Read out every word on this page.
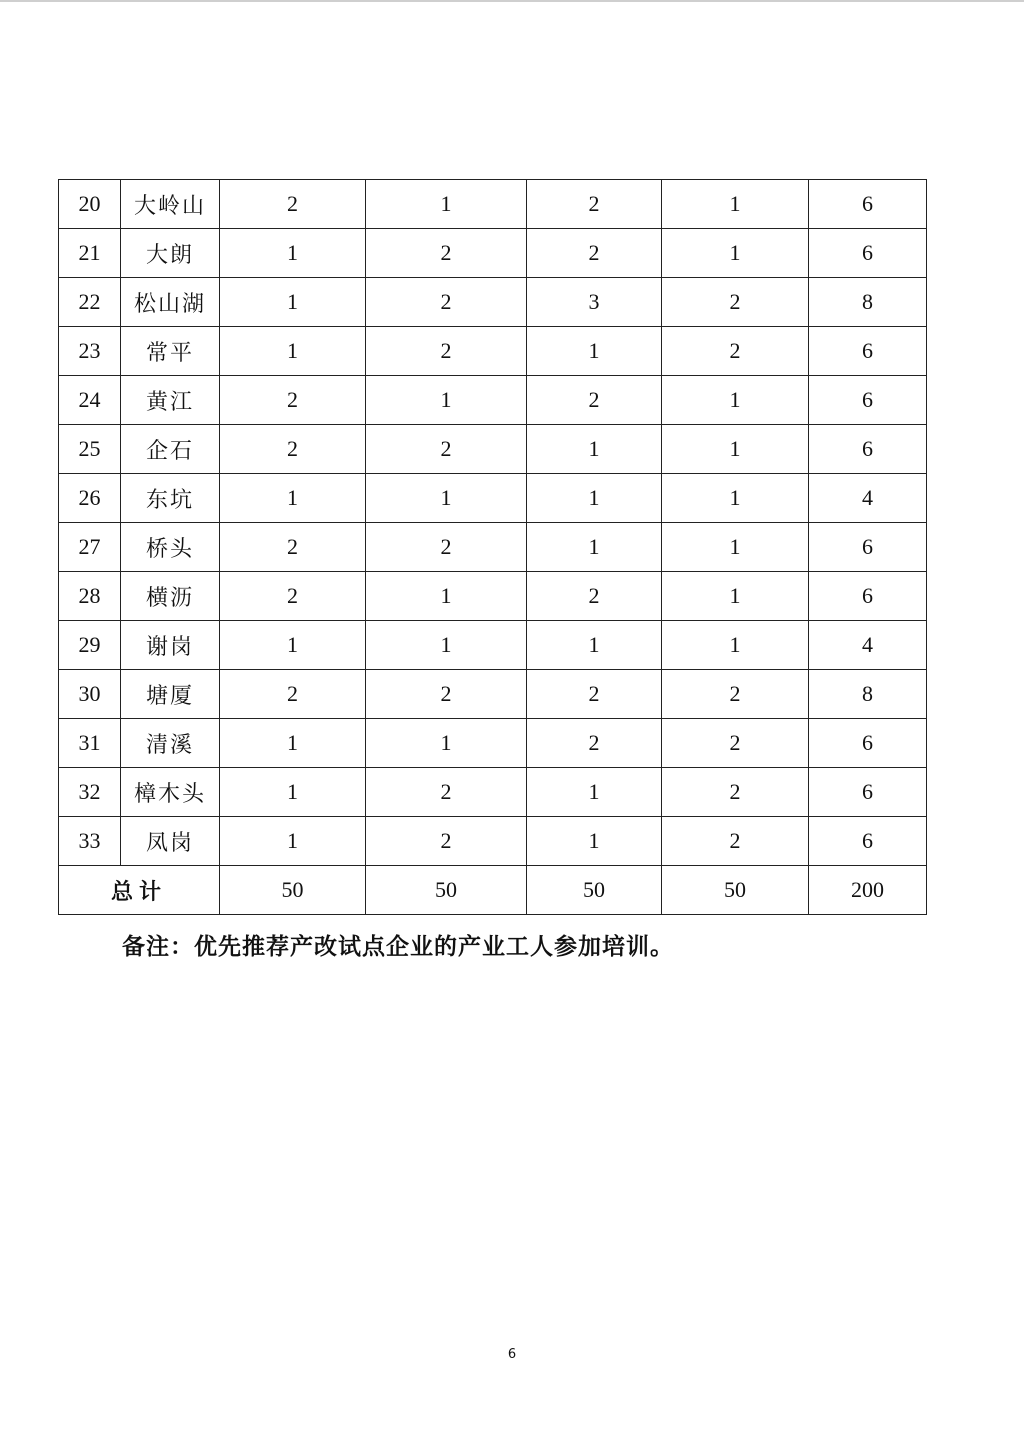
20	大岭山	2	1	2	1	6
21	大朗	1	2	2	1	6
22	松山湖	1	2	3	2	8
23	常平	1	2	1	2	6
24	黄江	2	1	2	1	6
25	企石	2	2	1	1	6
26	东坑	1	1	1	1	4
27	桥头	2	2	1	1	6
28	横沥	2	1	2	1	6
29	谢岗	1	1	1	1	4
30	塘厦	2	2	2	2	8
31	清溪	1	1	2	2	6
32	樟木头	1	2	1	2	6
33	凤岗	1	2	1	2	6
总计		50	50	50	50	200
备注：优先推荐产改试点企业的产业工人参加培训。
6
